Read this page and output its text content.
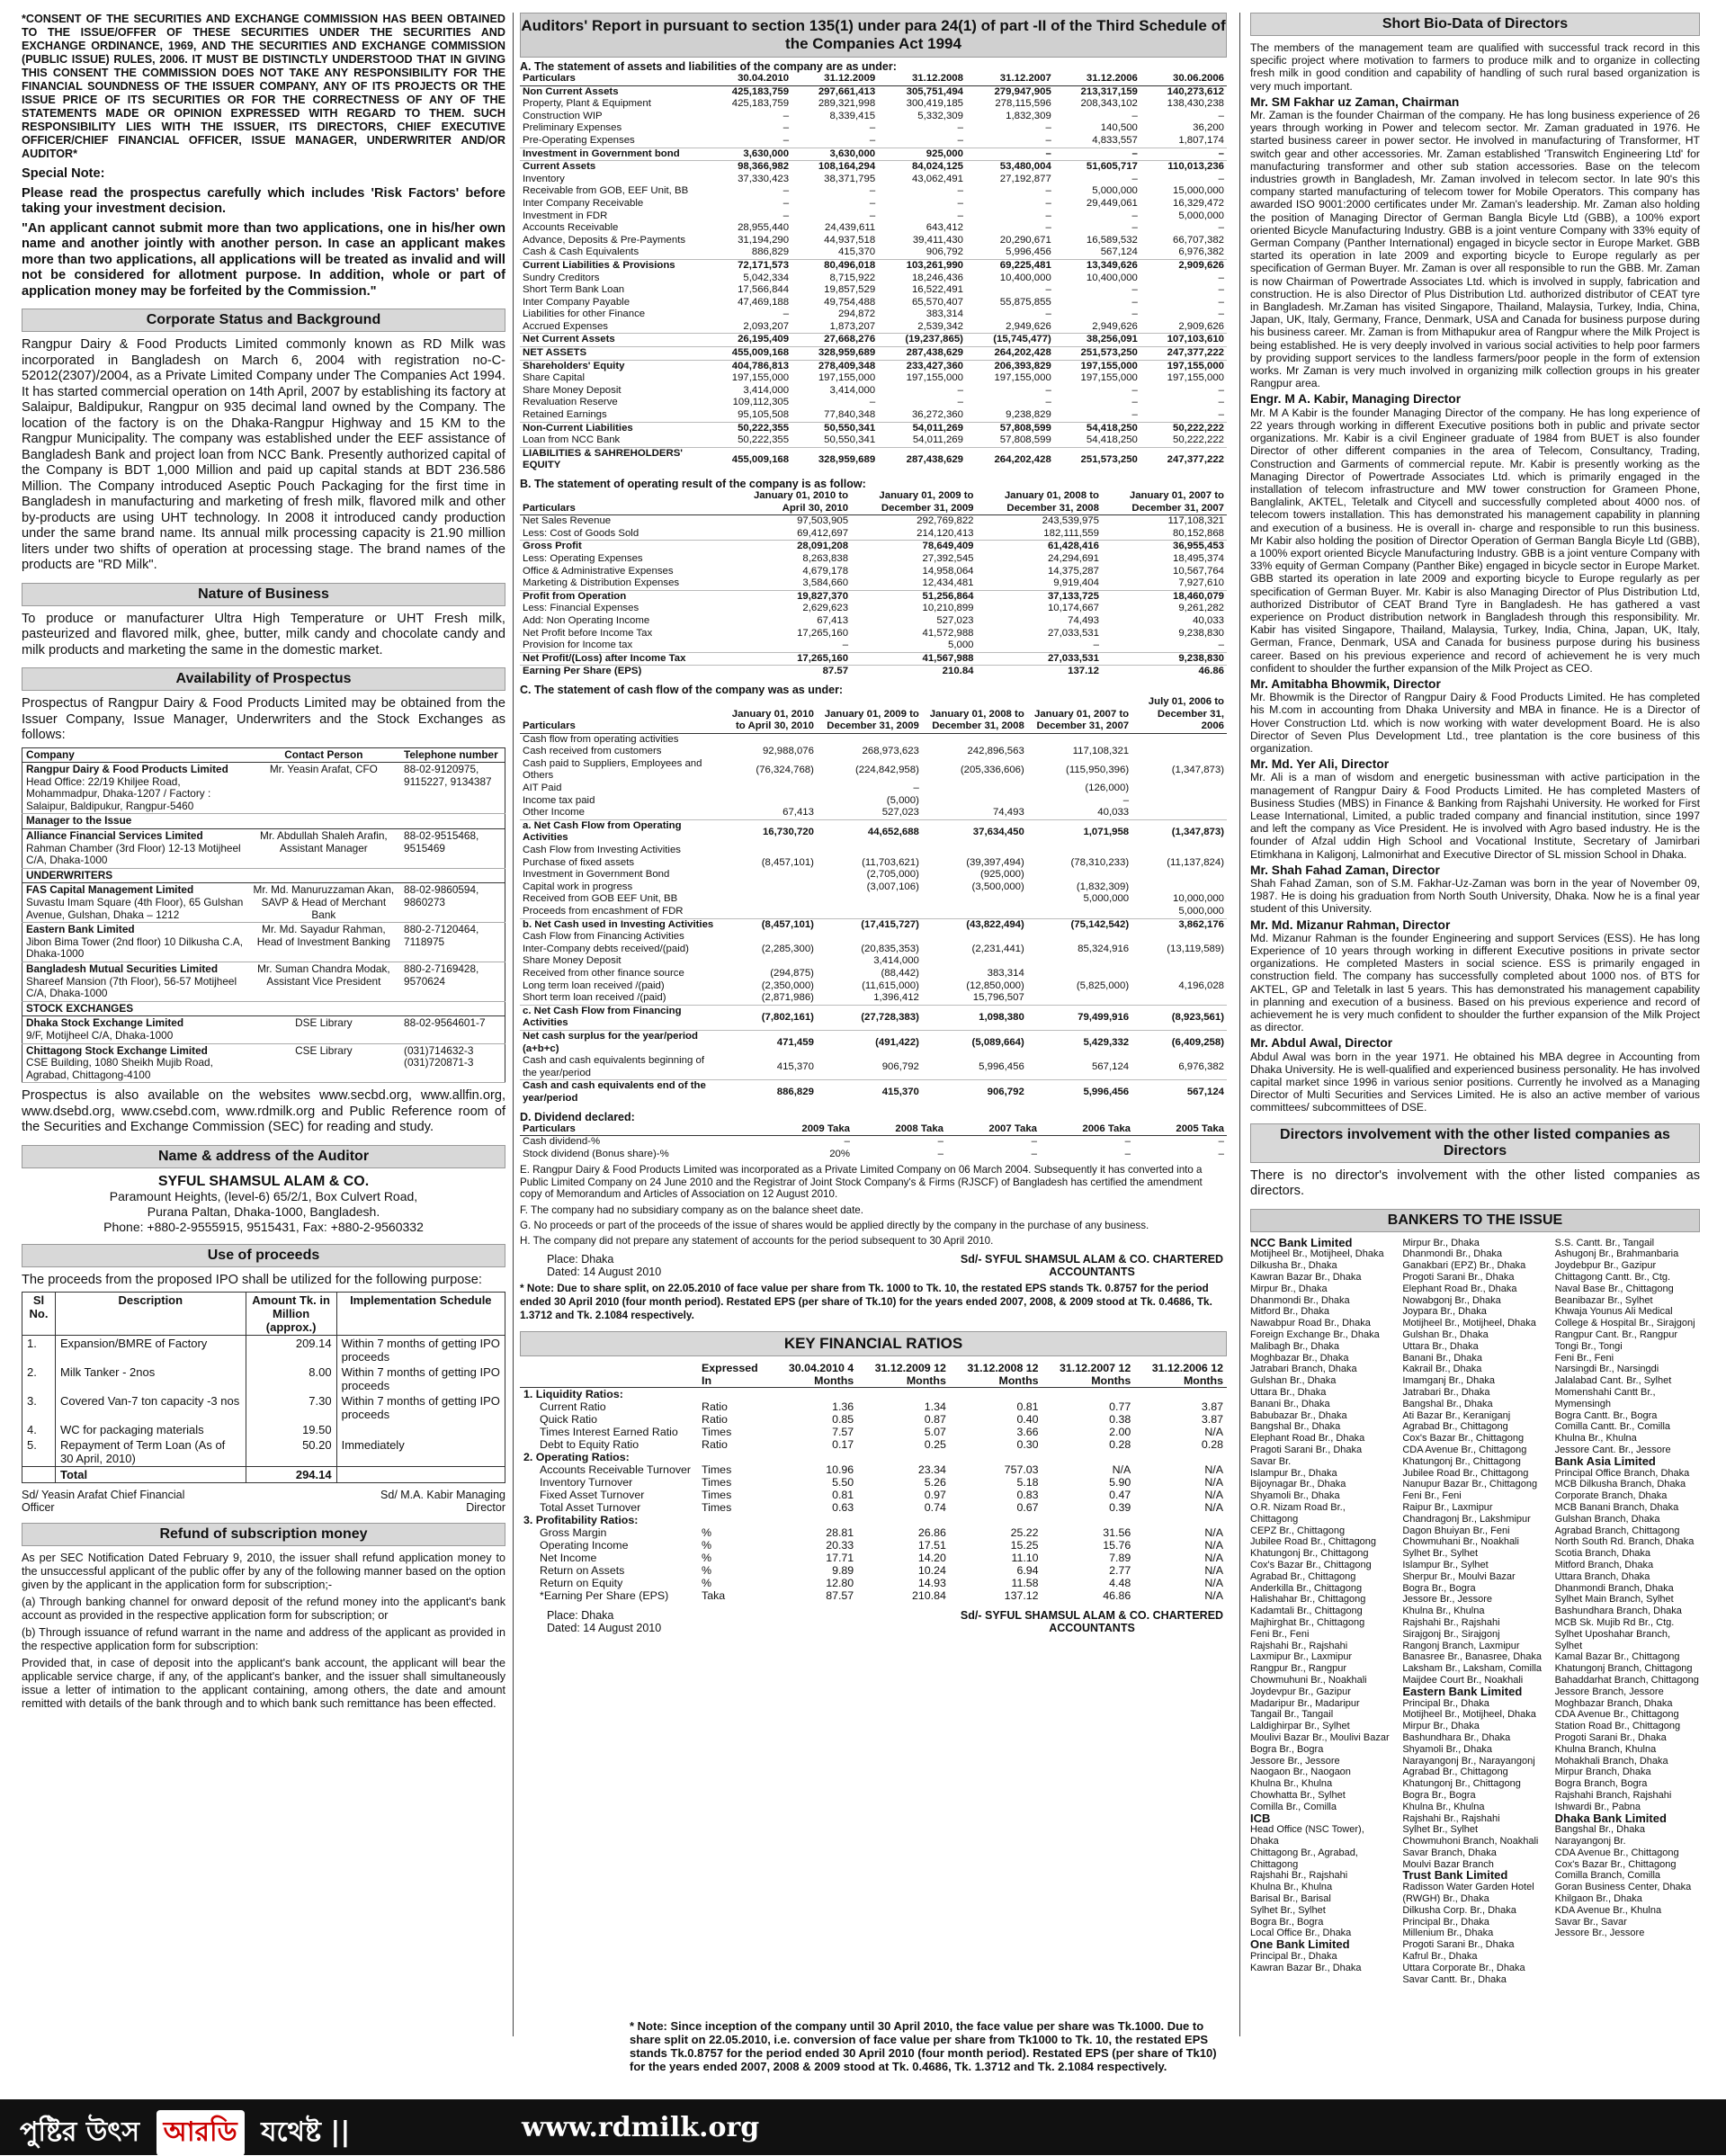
*CONSENT OF THE SECURITIES AND EXCHANGE COMMISSION HAS BEEN OBTAINED TO THE ISSUE/OFFER OF THESE SECURITIES UNDER THE SECURITIES AND EXCHANGE ORDINANCE, 1969, AND THE SECURITIES AND EXCHANGE COMMISSION (PUBLIC ISSUE) RULES, 2006. IT MUST BE DISTINCTLY UNDERSTOOD THAT IN GIVING THIS CONSENT THE COMMISSION DOES NOT TAKE ANY RESPONSIBILITY FOR THE FINANCIAL SOUNDNESS OF THE ISSUER COMPANY, ANY OF ITS PROJECTS OR THE ISSUE PRICE OF ITS SECURITIES OR FOR THE CORRECTNESS OF ANY OF THE STATEMENTS MADE OR OPINION EXPRESSED WITH REGARD TO THEM. SUCH RESPONSIBILITY LIES WITH THE ISSUER, ITS DIRECTORS, CHIEF EXECUTIVE OFFICER/CHIEF FINANCIAL OFFICER, ISSUE MANAGER, UNDERWRITER AND/OR AUDITOR*

Special Note:

Please read the prospectus carefully which includes 'Risk Factors' before taking your investment decision.

"An applicant cannot submit more than two applications, one in his/her own name and another jointly with another person. In case an applicant makes more than two applications, all applications will be treated as invalid and will not be considered for allotment purpose. In addition, whole or part of application money may be forfeited by the Commission."

Corporate Status and Background

Rangpur Dairy & Food Products Limited commonly known as RD Milk was incorporated in Bangladesh on March 6, 2004 with registration no-C-52012(2307)/2004, as a Private Limited Company under The Companies Act 1994. It has started commercial operation on 14th April, 2007 by establishing its factory at Salaipur, Baldipukur, Rangpur on 935 decimal land owned by the Company. The location of the factory is on the Dhaka-Rangpur Highway and 15 KM to the Rangpur Municipality. The company was established under the EEF assistance of Bangladesh Bank and project loan from NCC Bank. Presently authorized capital of the Company is BDT 1,000 Million and paid up capital stands at BDT 236.586 Million. The Company introduced Aseptic Pouch Packaging for the first time in Bangladesh in manufacturing and marketing of fresh milk, flavored milk and other by-products are using UHT technology. In 2008 it introduced candy production under the same brand name. Its annual milk processing capacity is 21.90 million liters under two shifts of operation at processing stage. The brand names of the products are "RD Milk".

Nature of Business

To produce or manufacturer Ultra High Temperature or UHT Fresh milk, pasteurized and flavored milk, ghee, butter, milk candy and chocolate candy and milk products and marketing the same in the domestic market.

Availability of Prospectus

Prospectus of Rangpur Dairy & Food Products Limited may be obtained from the Issuer Company, Issue Manager, Underwriters and the Stock Exchanges as follows:

Company	Contact Person	Telephone number

Rangpur Dairy & Food Products Limited
Head Office: 22/19 Khiljee Road, Mohammadpur, Dhaka-1207 / Factory : Salaipur, Baldipukur, Rangpur-5460	Mr. Yeasin Arafat, CFO	88-02-9120975, 9115227, 9134387
Manager to the Issue		

Alliance Financial Services Limited
Rahman Chamber (3rd Floor) 12-13 Motijheel C/A, Dhaka-1000	Mr. Abdullah Shaleh Arafin, Assistant Manager	88-02-9515468, 9515469
UNDERWRITERS		

FAS Capital Management Limited
Suvastu Imam Square (4th Floor), 65 Gulshan Avenue, Gulshan, Dhaka – 1212	Mr. Md. Manuruzzaman Akan, SAVP & Head of Merchant Bank	88-02-9860594, 9860273

Eastern Bank Limited
Jibon Bima Tower (2nd floor) 10 Dilkusha C.A, Dhaka-1000	Mr. Md. Sayadur Rahman, Head of Investment Banking	880-2-7120464, 7118975

Bangladesh Mutual Securities Limited
Shareef Mansion (7th Floor), 56-57 Motijheel C/A, Dhaka-1000	Mr. Suman Chandra Modak, Assistant Vice President	880-2-7169428, 9570624
STOCK EXCHANGES		

Dhaka Stock Exchange Limited
9/F, Motijheel C/A, Dhaka-1000	DSE Library	88-02-9564601-7

Chittagong Stock Exchange Limited
CSE Building, 1080 Sheikh Mujib Road, Agrabad, Chittagong-4100	CSE Library	(031)714632-3 (031)720871-3

Prospectus is also available on the websites www.secbd.org, www.allfin.org, www.dsebd.org, www.csebd.com, www.rdmilk.org and Public Reference room of the Securities and Exchange Commission (SEC) for reading and study.

Name & address of the Auditor
SYFUL SHAMSUL ALAM & CO.
Paramount Heights, (level-6) 65/2/1, Box Culvert Road,
Purana Paltan, Dhaka-1000, Bangladesh.
Phone: +880-2-9555915, 9515431, Fax: +880-2-9560332
Use of proceeds

The proceeds from the proposed IPO shall be utilized for the following purpose:

Sl No.	Description	Amount Tk. in Million (approx.)	Implementation Schedule
1.	Expansion/BMRE of Factory	209.14	Within 7 months of getting IPO proceeds
2.	Milk Tanker - 2nos	8.00	Within 7 months of getting IPO proceeds
3.	Covered Van-7 ton capacity -3 nos	7.30	Within 7 months of getting IPO proceeds
4.	WC for packaging materials	19.50	
5.	Repayment of Term Loan (As of 30 April, 2010)	50.20	Immediately
	Total	294.14	
Sd/ Yeasin Arafat Chief Financial Officer
Sd/ M.A. Kabir Managing Director
Refund of subscription money

As per SEC Notification Dated February 9, 2010, the issuer shall refund application money to the unsuccessful applicant of the public offer by any of the following manner based on the option given by the applicant in the application form for subscription;-

(a) Through banking channel for onward deposit of the refund money into the applicant's bank account as provided in the respective application form for subscription; or

(b) Through issuance of refund warrant in the name and address of the applicant as provided in the respective application form for subscription:

Provided that, in case of deposit into the applicant's bank account, the applicant will bear the applicable service charge, if any, of the applicant's banker, and the issuer shall simultaneously issue a letter of intimation to the applicant containing, among others, the date and amount remitted with details of the bank through and to which bank such remittance has been effected.

Auditors' Report in pursuant to section 135(1) under para 24(1) of part -II of the Third Schedule of the Companies Act 1994
A. The statement of assets and liabilities of the company are as under:
Particulars	30.04.2010	31.12.2009	31.12.2008	31.12.2007	31.12.2006	30.06.2006
Non Current Assets	425,183,759	297,661,413	305,751,494	279,947,905	213,317,159	140,273,612
Property, Plant & Equipment	425,183,759	289,321,998	300,419,185	278,115,596	208,343,102	138,430,238
Construction WIP	–	8,339,415	5,332,309	1,832,309	–	–
Preliminary Expenses	–	–	–	–	140,500	36,200
Pre-Operating Expenses	–	–	–	–	4,833,557	1,807,174
Investment in Government bond	3,630,000	3,630,000	925,000	–	–	–
Current Assets	98,366,982	108,164,294	84,024,125	53,480,004	51,605,717	110,013,236
Inventory	37,330,423	38,371,795	43,062,491	27,192,877	–	–
Receivable from GOB, EEF Unit, BB	–	–	–	–	5,000,000	15,000,000
Inter Company Receivable	–	–	–	–	29,449,061	16,329,472
Investment in FDR	–	–	–	–	–	5,000,000
Accounts Receivable	28,955,440	24,439,611	643,412	–	–	–
Advance, Deposits & Pre-Payments	31,194,290	44,937,518	39,411,430	20,290,671	16,589,532	66,707,382
Cash & Cash Equivalents	886,829	415,370	906,792	5,996,456	567,124	6,976,382
Current Liabilities & Provisions	72,171,573	80,496,018	103,261,990	69,225,481	13,349,626	2,909,626
Sundry Creditors	5,042,334	8,715,922	18,246,436	10,400,000	10,400,000	–
Short Term Bank Loan	17,566,844	19,857,529	16,522,491	–	–	–
Inter Company Payable	47,469,188	49,754,488	65,570,407	55,875,855	–	–
Liabilities for other Finance	–	294,872	383,314	–	–	–
Accrued Expenses	2,093,207	1,873,207	2,539,342	2,949,626	2,949,626	2,909,626
Net Current Assets	26,195,409	27,668,276	(19,237,865)	(15,745,477)	38,256,091	107,103,610
NET ASSETS	455,009,168	328,959,689	287,438,629	264,202,428	251,573,250	247,377,222
Shareholders' Equity	404,786,813	278,409,348	233,427,360	206,393,829	197,155,000	197,155,000
Share Capital	197,155,000	197,155,000	197,155,000	197,155,000	197,155,000	197,155,000
Share Money Deposit	3,414,000	3,414,000	–	–	–	–
Revaluation Reserve	109,112,305	–	–	–	–	–
Retained Earnings	95,105,508	77,840,348	36,272,360	9,238,829	–	–
Non-Current Liabilities	50,222,355	50,550,341	54,011,269	57,808,599	54,418,250	50,222,222
Loan from NCC Bank	50,222,355	50,550,341	54,011,269	57,808,599	54,418,250	50,222,222
LIABILITIES & SAHREHOLDERS' EQUITY	455,009,168	328,959,689	287,438,629	264,202,428	251,573,250	247,377,222
B. The statement of operating result of the company is as follow:
Particulars	January 01, 2010 to April 30, 2010	January 01, 2009 to December 31, 2009	January 01, 2008 to December 31, 2008	January 01, 2007 to December 31, 2007
Net Sales Revenue	97,503,905	292,769,822	243,539,975	117,108,321
Less: Cost of Goods Sold	69,412,697	214,120,413	182,111,559	80,152,868
Gross Profit	28,091,208	78,649,409	61,428,416	36,955,453
Less: Operating Expenses	8,263,838	27,392,545	24,294,691	18,495,374
Office & Administrative Expenses	4,679,178	14,958,064	14,375,287	10,567,764
Marketing & Distribution Expenses	3,584,660	12,434,481	9,919,404	7,927,610
Profit from Operation	19,827,370	51,256,864	37,133,725	18,460,079
Less: Financial Expenses	2,629,623	10,210,899	10,174,667	9,261,282
Add: Non Operating Income	67,413	527,023	74,493	40,033
Net Profit before Income Tax	17,265,160	41,572,988	27,033,531	9,238,830
Provision for Income tax	–	5,000	–	–
Net Profit/(Loss) after Income Tax	17,265,160	41,567,988	27,033,531	9,238,830
Earning Per Share (EPS)	87.57	210.84	137.12	46.86
C. The statement of cash flow of the company was as under:
Particulars	January 01, 2010 to April 30, 2010	January 01, 2009 to December 31, 2009	January 01, 2008 to December 31, 2008	January 01, 2007 to December 31, 2007	July 01, 2006 to December 31, 2006
Cash flow from operating activities					
Cash received from customers	92,988,076	268,973,623	242,896,563	117,108,321	
Cash paid to Suppliers, Employees and Others	(76,324,768)	(224,842,958)	(205,336,606)	(115,950,396)	(1,347,873)
AIT Paid		–		(126,000)	
Income tax paid		(5,000)		–	
Other Income	67,413	527,023	74,493	40,033	
a. Net Cash Flow from Operating Activities	16,730,720	44,652,688	37,634,450	1,071,958	(1,347,873)
Cash Flow from Investing Activities					
Purchase of fixed assets	(8,457,101)	(11,703,621)	(39,397,494)	(78,310,233)	(11,137,824)
Investment in Government Bond		(2,705,000)	(925,000)		
Capital work in progress		(3,007,106)	(3,500,000)	(1,832,309)	
Received from GOB EEF Unit, BB				5,000,000	10,000,000
Proceeds from encashment of FDR					5,000,000
b. Net Cash used in Investing Activities	(8,457,101)	(17,415,727)	(43,822,494)	(75,142,542)	3,862,176
Cash Flow from Financing Activities					
Inter-Company debts received/(paid)	(2,285,300)	(20,835,353)	(2,231,441)	85,324,916	(13,119,589)
Share Money Deposit		3,414,000			
Received from other finance source	(294,875)	(88,442)	383,314		
Long term loan received /(paid)	(2,350,000)	(11,615,000)	(12,850,000)	(5,825,000)	4,196,028
Short term loan received /(paid)	(2,871,986)	1,396,412	15,796,507		
c. Net Cash Flow from Financing Activities	(7,802,161)	(27,728,383)	1,098,380	79,499,916	(8,923,561)
Net cash surplus for the year/period (a+b+c)	471,459	(491,422)	(5,089,664)	5,429,332	(6,409,258)
Cash and cash equivalents beginning of the year/period	415,370	906,792	5,996,456	567,124	6,976,382
Cash and cash equivalents end of the year/period	886,829	415,370	906,792	5,996,456	567,124
D. Dividend declared:
Particulars	2009 Taka	2008 Taka	2007 Taka	2006 Taka	2005 Taka
Cash dividend-%	–	–	–	–	–
Stock dividend (Bonus share)-%	20%	–	–	–	–

E. Rangpur Dairy & Food Products Limited was incorporated as a Private Limited Company on 06 March 2004. Subsequently it has converted into a Public Limited Company on 24 June 2010 and the Registrar of Joint Stock Company's & Firms (RJSCF) of Bangladesh has certified the amendment copy of Memorandum and Articles of Association on 12 August 2010.

F. The company had no subsidiary company as on the balance sheet date.

G. No proceeds or part of the proceeds of the issue of shares would be applied directly by the company in the purchase of any business.

H. The company did not prepare any statement of accounts for the period subsequent to 30 April 2010.

Place: Dhaka
Dated: 14 August 2010
Sd/- SYFUL SHAMSUL ALAM & CO. CHARTERED ACCOUNTANTS

* Note: Due to share split, on 22.05.2010 of face value per share from Tk. 1000 to Tk. 10, the restated EPS stands Tk. 0.8757 for the period ended 30 April 2010 (four month period). Restated EPS (per share of Tk.10) for the years ended 2007, 2008, & 2009 stood at Tk. 0.4686, Tk. 1.3712 and Tk. 2.1084 respectively.

KEY FINANCIAL RATIOS
	Expressed In	30.04.2010 4 Months	31.12.2009 12 Months	31.12.2008 12 Months	31.12.2007 12 Months	31.12.2006 12 Months
1. Liquidity Ratios:						
Current Ratio	Ratio	1.36	1.34	0.81	0.77	3.87
Quick Ratio	Ratio	0.85	0.87	0.40	0.38	3.87
Times Interest Earned Ratio	Times	7.57	5.07	3.66	2.00	N/A
Debt to Equity Ratio	Ratio	0.17	0.25	0.30	0.28	0.28
2. Operating Ratios:						
Accounts Receivable Turnover	Times	10.96	23.34	757.03	N/A	N/A
Inventory Turnover	Times	5.50	5.26	5.18	5.90	N/A
Fixed Asset Turnover	Times	0.81	0.97	0.83	0.47	N/A
Total Asset Turnover	Times	0.63	0.74	0.67	0.39	N/A
3. Profitability Ratios:						
Gross Margin	%	28.81	26.86	25.22	31.56	N/A
Operating Income	%	20.33	17.51	15.25	15.76	N/A
Net Income	%	17.71	14.20	11.10	7.89	N/A
Return on Assets	%	9.89	10.24	6.94	2.77	N/A
Return on Equity	%	12.80	14.93	11.58	4.48	N/A
*Earning Per Share (EPS)	Taka	87.57	210.84	137.12	46.86	N/A
Place: Dhaka
Dated: 14 August 2010
Sd/- SYFUL SHAMSUL ALAM & CO. CHARTERED ACCOUNTANTS
Short Bio-Data of Directors

The members of the management team are qualified with successful track record in this specific project where motivation to farmers to produce milk and to organize in collecting fresh milk in good condition and capability of handling of such rural based organization is very much important.

Mr. SM Fakhar uz Zaman, Chairman

Mr. Zaman is the founder Chairman of the company. He has long business experience of 26 years through working in Power and telecom sector. Mr. Zaman graduated in 1976. He started business career in power sector. He involved in manufacturing of Transformer, HT switch gear and other accessories. Mr. Zaman established 'Transwitch Engineering Ltd' for manufacturing transformer and other sub station accessories. Base on the telecom industries growth in Bangladesh, Mr. Zaman involved in telecom sector. In late 90's this company started manufacturing of telecom tower for Mobile Operators. This company has awarded ISO 9001:2000 certificates under Mr. Zaman's leadership. Mr. Zaman also holding the position of Managing Director of German Bangla Bicyle Ltd (GBB), a 100% export oriented Bicycle Manufacturing Industry. GBB is a joint venture Company with 33% equity of German Company (Panther International) engaged in bicycle sector in Europe Market. GBB started its operation in late 2009 and exporting bicycle to Europe regularly as per specification of German Buyer. Mr. Zaman is over all responsible to run the GBB. Mr. Zaman is now Chairman of Powertrade Associates Ltd. which is involved in supply, fabrication and construction. He is also Director of Plus Distribution Ltd. authorized distributor of CEAT tyre in Bangladesh. Mr.Zaman has visited Singapore, Thailand, Malaysia, Turkey, India, China, Japan, UK, Italy, Germany, France, Denmark, USA and Canada for business purpose during his business career. Mr. Zaman is from Mithapukur area of Rangpur where the Milk Project is being established. He is very deeply involved in various social activities to help poor farmers by providing support services to the landless farmers/poor people in the form of extension works. Mr Zaman is very much involved in organizing milk collection groups in his greater Rangpur area.

Engr. M A. Kabir, Managing Director

Mr. M A Kabir is the founder Managing Director of the company. He has long experience of 22 years through working in different Executive positions both in public and private sector organizations. Mr. Kabir is a civil Engineer graduate of 1984 from BUET is also founder Director of other different companies in the area of Telecom, Consultancy, Trading, Construction and Garments of commercial repute. Mr. Kabir is presently working as the Managing Director of Powertrade Associates Ltd. which is primarily engaged in the installation of telecom infrastructure and MW tower construction for Grameen Phone, Banglalink, AKTEL, Teletalk and Citycell and successfully completed about 4000 nos. of telecom towers installation. This has demonstrated his management capability in planning and execution of a business. He is overall in- charge and responsible to run this business. Mr Kabir also holding the position of Director Operation of German Bangla Bicyle Ltd (GBB), a 100% export oriented Bicycle Manufacturing Industry. GBB is a joint venture Company with 33% equity of German Company (Panther Bike) engaged in bicycle sector in Europe Market. GBB started its operation in late 2009 and exporting bicycle to Europe regularly as per specification of German Buyer. Mr. Kabir is also Managing Director of Plus Distribution Ltd, authorized Distributor of CEAT Brand Tyre in Bangladesh. He has gathered a vast experience on Product distribution network in Bangladesh through this responsibility. Mr. Kabir has visited Singapore, Thailand, Malaysia, Turkey, India, China, Japan, UK, Italy, German, France, Denmark, USA and Canada for business purpose during his business career. Based on his previous experience and record of achievement he is very much confident to shoulder the further expansion of the Milk Project as CEO.

Mr. Amitabha Bhowmik, Director

Mr. Bhowmik is the Director of Rangpur Dairy & Food Products Limited. He has completed his M.com in accounting from Dhaka University and MBA in finance. He is a Director of Hover Construction Ltd. which is now working with water development Board. He is also Director of Seven Plus Development Ltd., tree plantation is the core business of this organization.

Mr. Md. Yer Ali, Director

Mr. Ali is a man of wisdom and energetic businessman with active participation in the management of Rangpur Dairy & Food Products Limited. He has completed Masters of Business Studies (MBS) in Finance & Banking from Rajshahi University. He worked for First Lease International, Limited, a public traded company and financial institution, since 1997 and left the company as Vice President. He is involved with Agro based industry. He is the founder of Afzal uddin High School and Vocational Institute, Secretary of Jamirbari Etimkhana in Kaligonj, Lalmonirhat and Executive Director of SL mission School in Dhaka.

Mr. Shah Fahad Zaman, Director

Shah Fahad Zaman, son of S.M. Fakhar-Uz-Zaman was born in the year of November 09, 1987. He is doing his graduation from North South University, Dhaka. Now he is a final year student of this University.

Mr. Md. Mizanur Rahman, Director

Md. Mizanur Rahman is the founder Engineering and support Services (ESS). He has long Experience of 10 years through working in different Executive positions in private sector organizations. He completed Masters in social science. ESS is primarily engaged in construction field. The company has successfully completed about 1000 nos. of BTS for AKTEL, GP and Teletalk in last 5 years. This has demonstrated his management capability in planning and execution of a business. Based on his previous experience and record of achievement he is very much confident to shoulder the further expansion of the Milk Project as director.

Mr. Abdul Awal, Director

Abdul Awal was born in the year 1971. He obtained his MBA degree in Accounting from Dhaka University. He is well-qualified and experienced business personality. He has involved capital market since 1996 in various senior positions. Currently he involved as a Managing Director of Multi Securities and Services Limited. He is also an active member of various committees/ subcommittees of DSE.

Directors involvement with the other listed companies as Directors

There is no director's involvement with the other listed companies as directors.

BANKERS TO THE ISSUE
NCC Bank Limited
Motijheel Br., Motijheel, Dhaka
Dilkusha Br., Dhaka
Kawran Bazar Br., Dhaka
Mirpur Br., Dhaka
Dhanmondi Br., Dhaka
Mitford Br., Dhaka
Nawabpur Road Br., Dhaka
Foreign Exchange Br., Dhaka
Malibagh Br., Dhaka
Moghbazar Br., Dhaka
Jatrabari Branch, Dhaka
Gulshan Br., Dhaka
Uttara Br., Dhaka
Banani Br., Dhaka
Babubazar Br., Dhaka
Bangshal Br., Dhaka
Elephant Road Br., Dhaka
Pragoti Sarani Br., Dhaka
Savar Br.
Islampur Br., Dhaka
Bijoynagar Br., Dhaka
Shyamoli Br., Dhaka
O.R. Nizam Road Br., Chittagong
CEPZ Br., Chittagong
Jubilee Road Br., Chittagong
Khatungonj Br., Chittagong
Cox's Bazar Br., Chittagong
Agrabad Br., Chittagong
Anderkilla Br., Chittagong
Halishahar Br., Chittagong
Kadamtali Br., Chittagong
Majhirghat Br., Chittagong
Feni Br., Feni
Rajshahi Br., Rajshahi
Laxmipur Br., Laxmipur
Rangpur Br., Rangpur
Chowmuhuni Br., Noakhali
Joydevpur Br., Gazipur
Madaripur Br., Madaripur
Tangail Br., Tangail
Laldighirpar Br., Sylhet
Moulivi Bazar Br., Moulivi Bazar
Bogra Br., Bogra
Jessore Br., Jessore
Naogaon Br., Naogaon
Khulna Br., Khulna
Chowhatta Br., Sylhet
Comilla Br., Comilla
ICB
Head Office (NSC Tower), Dhaka
Chittagong Br., Agrabad, Chittagong
Rajshahi Br., Rajshahi
Khulna Br., Khulna
Barisal Br., Barisal
Sylhet Br., Sylhet
Bogra Br., Bogra
Local Office Br., Dhaka
One Bank Limited
Principal Br., Dhaka
Kawran Bazar Br., Dhaka
Mirpur Br., Dhaka
Dhanmondi Br., Dhaka
Ganakbari (EPZ) Br., Dhaka
Progoti Sarani Br., Dhaka
Elephant Road Br., Dhaka
Nowabgonj Br., Dhaka
Joypara Br., Dhaka
Motijheel Br., Motijheel, Dhaka
Gulshan Br., Dhaka
Uttara Br., Dhaka
Banani Br., Dhaka
Kakrail Br., Dhaka
Imamganj Br., Dhaka
Jatrabari Br., Dhaka
Bangshal Br., Dhaka
Ati Bazar Br., Keraniganj
Agrabad Br., Chittagong
Cox's Bazar Br., Chittagong
CDA Avenue Br., Chittagong
Khatungonj Br., Chittagong
Jubilee Road Br., Chittagong
Nanupur Bazar Br., Chittagong
Feni Br., Feni
Raipur Br., Laxmipur
Chandragonj Br., Lakshmipur
Dagon Bhuiyan Br., Feni
Chowmuhani Br., Noakhali
Sylhet Br., Sylhet
Islampur Br., Sylhet
Sherpur Br., Moulvi Bazar
Bogra Br., Bogra
Jessore Br., Jessore
Khulna Br., Khulna
Rajshahi Br., Rajshahi
Sirajgonj Br., Sirajgonj
Rangonj Branch, Laxmipur
Banasree Br., Banasree, Dhaka
Laksham Br., Laksham, Comilla
Maijdee Court Br., Noakhali
Eastern Bank Limited
Principal Br., Dhaka
Motijheel Br., Motijheel, Dhaka
Mirpur Br., Dhaka
Bashundhara Br., Dhaka
Shyamoli Br., Dhaka
Narayangonj Br., Narayangonj
Agrabad Br., Chittagong
Khatungonj Br., Chittagong
Bogra Br., Bogra
Khulna Br., Khulna
Rajshahi Br., Rajshahi
Sylhet Br., Sylhet
Chowmuhoni Branch, Noakhali
Savar Branch, Dhaka
Moulvi Bazar Branch
Trust Bank Limited
Radisson Water Garden Hotel (RWGH) Br., Dhaka
Dilkusha Corp. Br., Dhaka
Principal Br., Dhaka
Millenium Br., Dhaka
Progoti Sarani Br., Dhaka
Kafrul Br., Dhaka
Uttara Corporate Br., Dhaka
Savar Cantt. Br., Dhaka
S.S. Cantt. Br., Tangail
Ashugonj Br., Brahmanbaria
Joydebpur Br., Gazipur
Chittagong Cantt. Br., Ctg.
Naval Base Br., Chittagong
Beanibazar Br., Sylhet
Khwaja Younus Ali Medical College & Hospital Br., Sirajgonj
Rangpur Cant. Br., Rangpur
Tongi Br., Tongi
Feni Br., Feni
Narsingdi Br., Narsingdi
Jalalabad Cant. Br., Sylhet
Momenshahi Cantt Br., Mymensingh
Bogra Cantt. Br., Bogra
Comilla Cantt. Br., Comilla
Khulna Br., Khulna
Jessore Cant. Br., Jessore
Bank Asia Limited
Principal Office Branch, Dhaka
MCB Dilkusha Branch, Dhaka
Corporate Branch, Dhaka
MCB Banani Branch, Dhaka
Gulshan Branch, Dhaka
Agrabad Branch, Chittagong
North South Rd. Branch, Dhaka
Scotia Branch, Dhaka
Mitford Branch, Dhaka
Uttara Branch, Dhaka
Dhanmondi Branch, Dhaka
Sylhet Main Branch, Sylhet
Bashundhara Branch, Dhaka
MCB Sk. Mujib Rd Br., Ctg.
Sylhet Uposhahar Branch, Sylhet
Kamal Bazar Br., Chittagong
Khatungonj Branch, Chittagong
Bahaddarhat Branch, Chittagong
Jessore Branch, Jessore
Moghbazar Branch, Dhaka
CDA Avenue Br., Chittagong
Station Road Br., Chittagong
Progoti Sarani Br., Dhaka
Khulna Branch, Khulna
Mohakhali Branch, Dhaka
Mirpur Branch, Dhaka
Bogra Branch, Bogra
Rajshahi Branch, Rajshahi
Ishwardi Br., Pabna
Dhaka Bank Limited
Bangshal Br., Dhaka
Narayangonj Br.
CDA Avenue Br., Chittagong
Cox's Bazar Br., Chittagong
Comilla Branch, Comilla
Goran Business Center, Dhaka
Khilgaon Br., Dhaka
KDA Avenue Br., Khulna
Savar Br., Savar
Jessore Br., Jessore

* Note: Since inception of the company until 30 April 2010, the face value per share was Tk.1000. Due to share split on 22.05.2010, i.e. conversion of face value per share from Tk1000 to Tk. 10, the restated EPS stands Tk.0.8757 for the period ended 30 April 2010 (four month period). Restated EPS (per share of Tk10) for the years ended 2007, 2008 & 2009 stood at Tk. 0.4686, Tk. 1.3712 and Tk. 2.1084 respectively.

পুষ্টির উৎস আরডি যথেষ্ট ||	www.rdmilk.org
